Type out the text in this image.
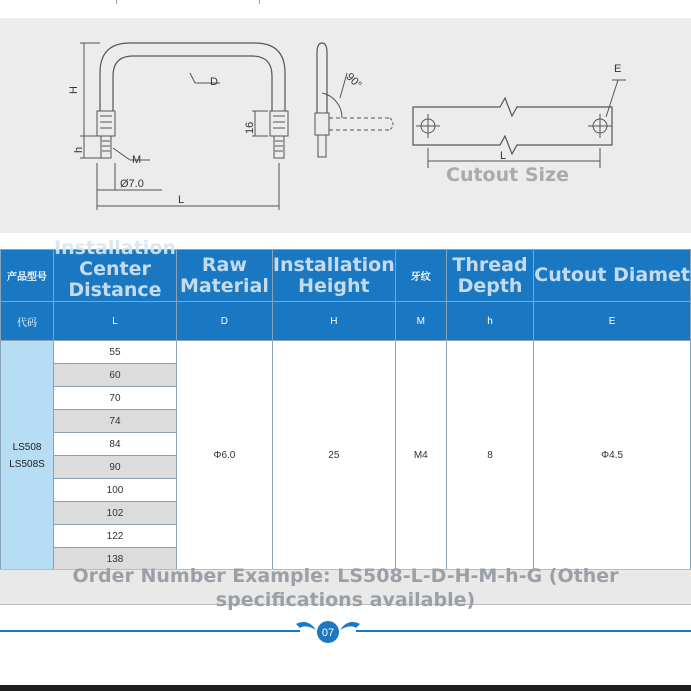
H
D
16
h
M
Ø7.0
L
90°
E
L
Cutout Size
产品型号	Installation Center Distance	Raw Material	Installation Height	牙纹	Thread Depth	Cutout Diamet

代码	L	D	H	M	h	E

LS508
LS508S	55	Φ6.0	25	M4	8	Φ4.5
	60					
	70					
	74					
	84					
	90					
	100					
	102					
	122					
	138					
Order Number Example: LS508-L-D-H-M-h-G (Other specifications available)
07
